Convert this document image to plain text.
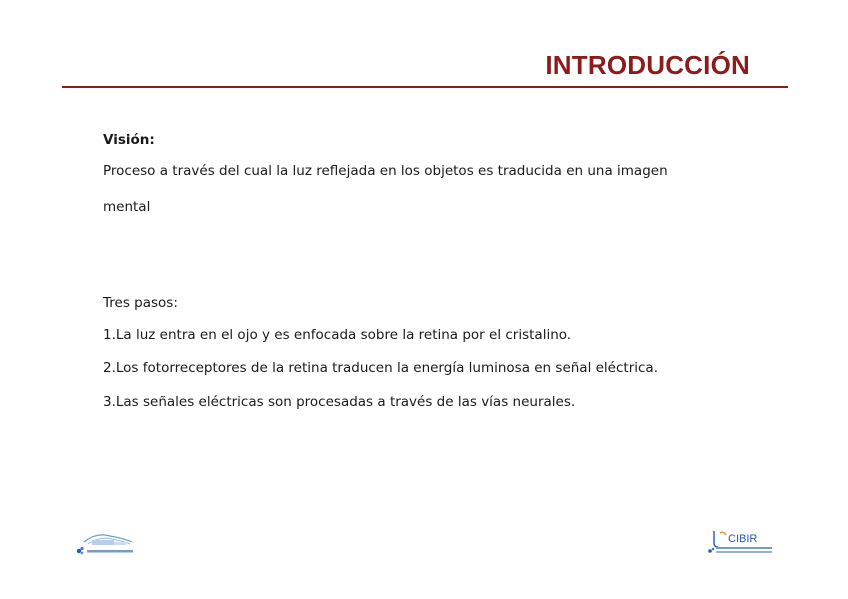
INTRODUCCIÓN
Visión:
Proceso a través del cual la luz reflejada en los objetos es traducida en una imagen
mental
Tres pasos:
1.La luz entra en el ojo y es enfocada sobre la retina por el cristalino.
2.Los fotorreceptores de la retina traducen la energía luminosa en señal eléctrica.
3.Las señales eléctricas son procesadas a través de las vías neurales.
CIBIR
